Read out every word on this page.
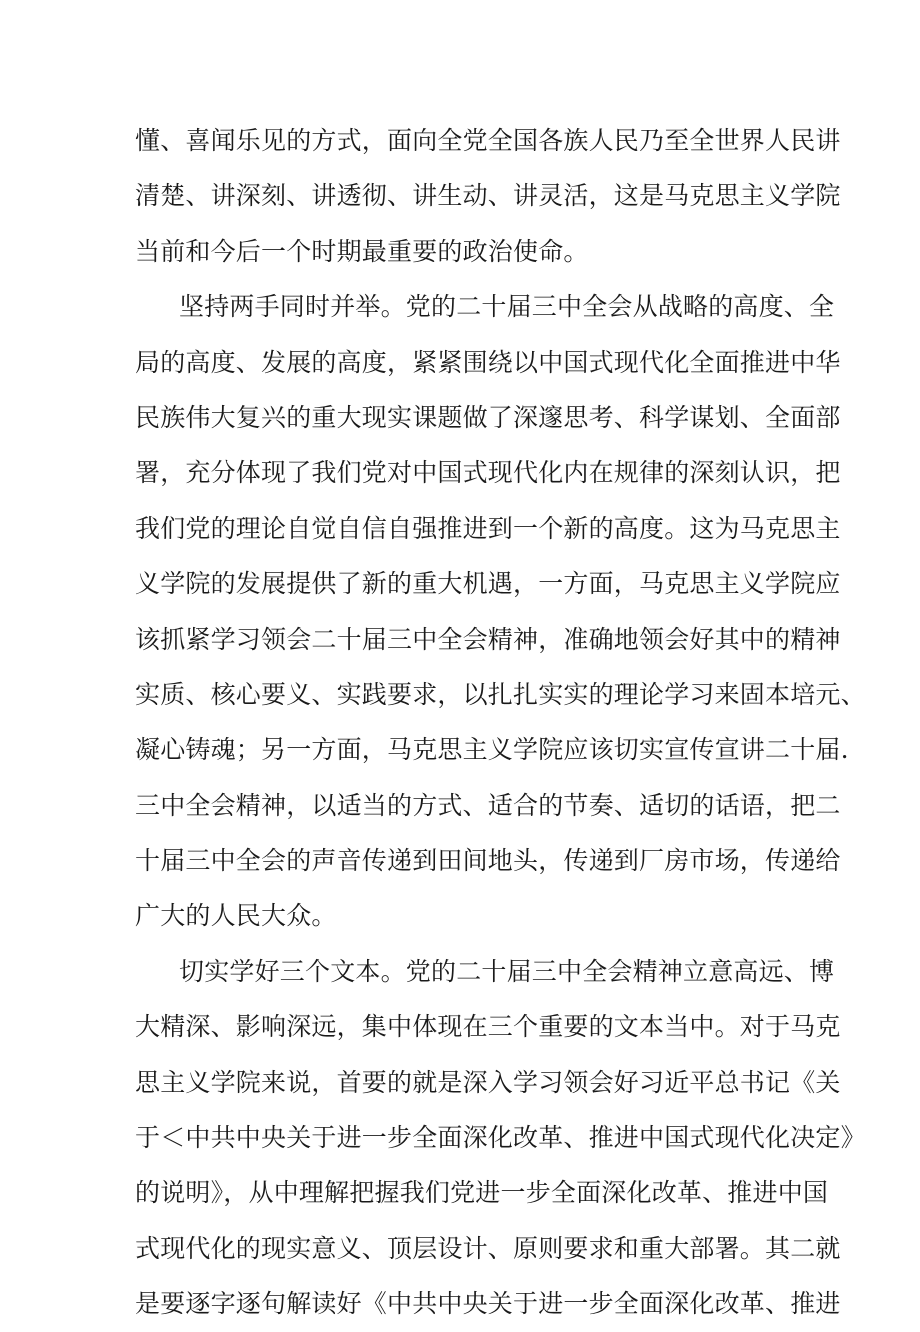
懂、喜闻乐见的方式，面向全党全国各族人民乃至全世界人民讲
清楚、讲深刻、讲透彻、讲生动、讲灵活，这是马克思主义学院
当前和今后一个时期最重要的政治使命。
坚持两手同时并举。党的二十届三中全会从战略的高度、全
局的高度、发展的高度，紧紧围绕以中国式现代化全面推进中华
民族伟大复兴的重大现实课题做了深邃思考、科学谋划、全面部
署，充分体现了我们党对中国式现代化内在规律的深刻认识，把
我们党的理论自觉自信自强推进到一个新的高度。这为马克思主
义学院的发展提供了新的重大机遇，一方面，马克思主义学院应
该抓紧学习领会二十届三中全会精神，准确地领会好其中的精神
实质、核心要义、实践要求，以扎扎实实的理论学习来固本培元、
凝心铸魂；另一方面，马克思主义学院应该切实宣传宣讲二十届.
三中全会精神，以适当的方式、适合的节奏、适切的话语，把二
十届三中全会的声音传递到田间地头，传递到厂房市场，传递给
广大的人民大众。
切实学好三个文本。党的二十届三中全会精神立意高远、博
大精深、影响深远，集中体现在三个重要的文本当中。对于马克
思主义学院来说，首要的就是深入学习领会好习近平总书记《关
于＜中共中央关于进一步全面深化改革、推进中国式现代化决定》
的说明》，从中理解把握我们党进一步全面深化改革、推进中国
式现代化的现实意义、顶层设计、原则要求和重大部署。其二就
是要逐字逐句解读好《中共中央关于进一步全面深化改革、推进
